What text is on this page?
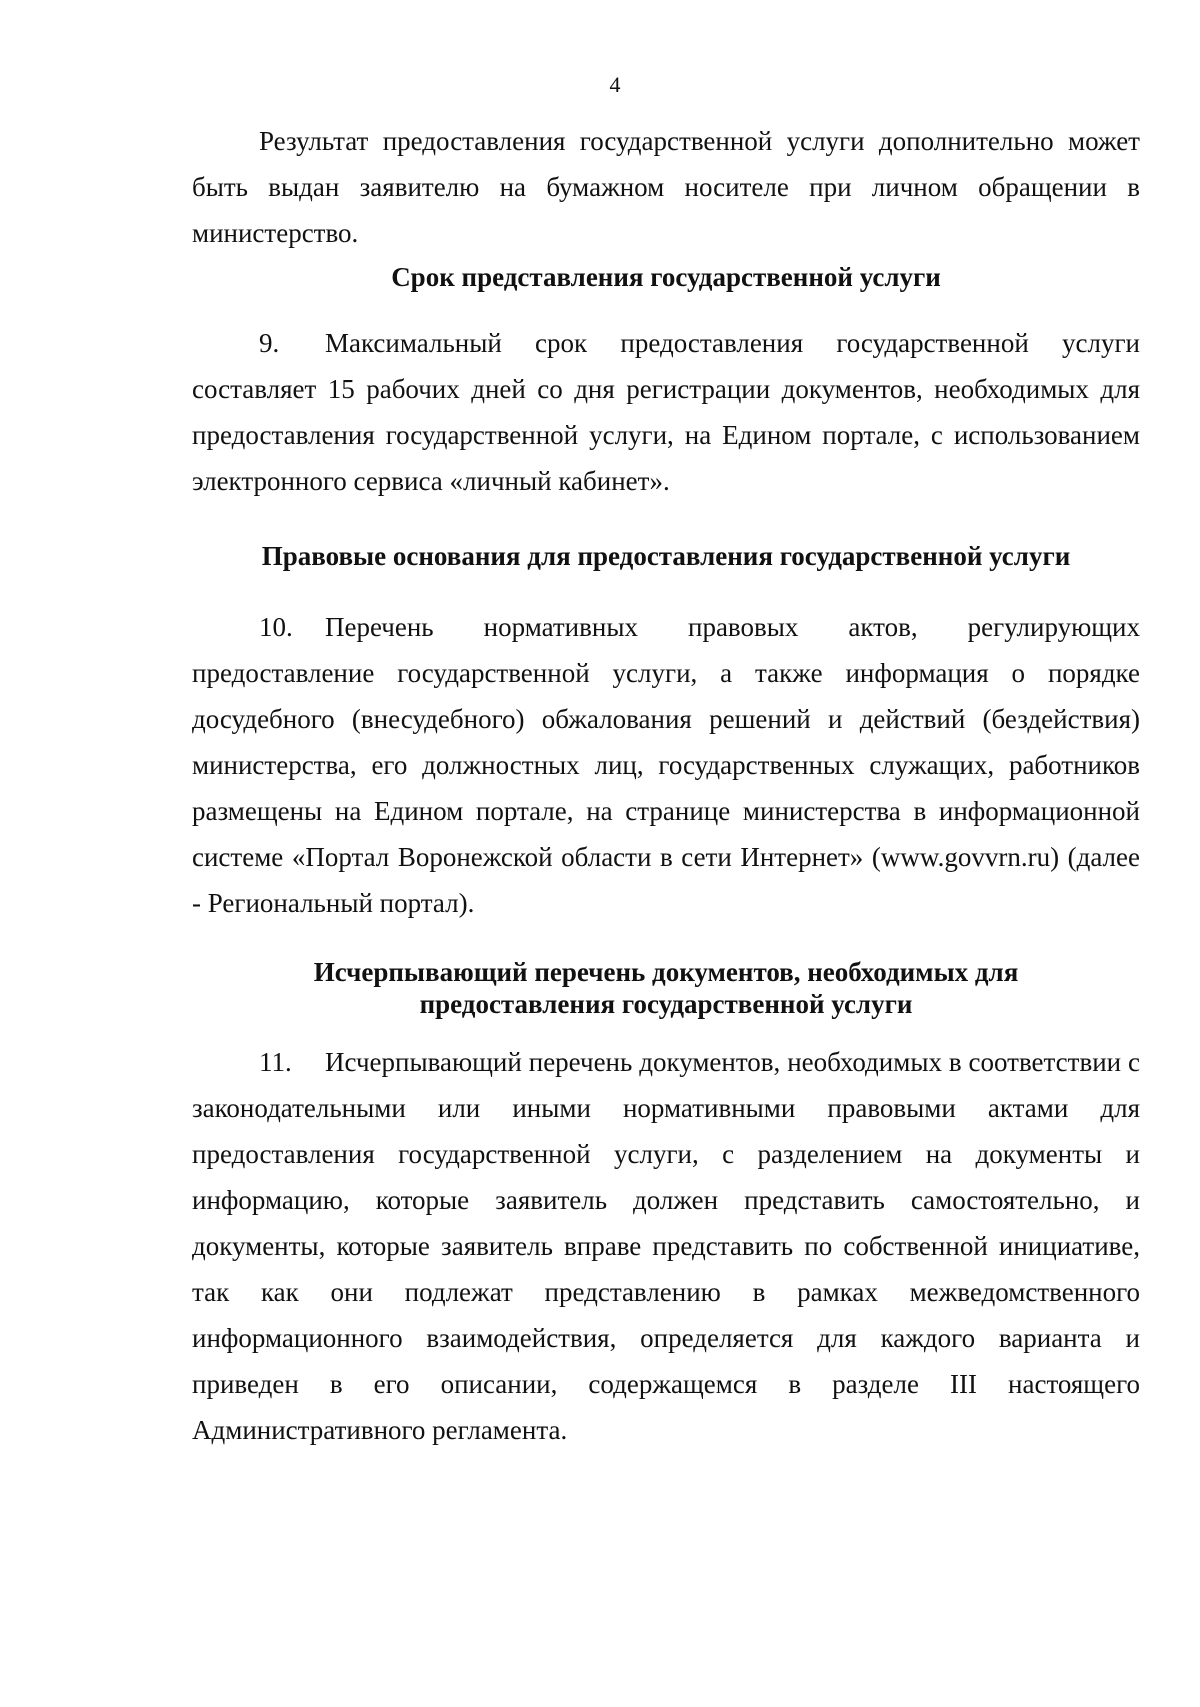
4

Результат предоставления государственной услуги дополнительно может быть выдан заявителю на бумажном носителе при личном обращении в министерство.

Срок представления государственной услуги

9. Максимальный срок предоставления государственной услуги составляет 15 рабочих дней со дня регистрации документов, необходимых для предоставления государственной услуги, на Едином портале, с использованием электронного сервиса «личный кабинет».

Правовые основания для предоставления государственной услуги

10. Перечень нормативных правовых актов, регулирующих предоставление государственной услуги, а также информация о порядке досудебного (внесудебного) обжалования решений и действий (бездействия) министерства, его должностных лиц, государственных служащих, работников размещены на Едином портале, на странице министерства в информационной системе «Портал Воронежской области в сети Интернет» (www.govvrn.ru) (далее - Региональный портал).

Исчерпывающий перечень документов, необходимых для

предоставления государственной услуги

11. Исчерпывающий перечень документов, необходимых в соответствии с законодательными или иными нормативными правовыми актами для предоставления государственной услуги, с разделением на документы и информацию, которые заявитель должен представить самостоятельно, и документы, которые заявитель вправе представить по собственной инициативе, так как они подлежат представлению в рамках межведомственного информационного взаимодействия, определяется для каждого варианта и приведен в его описании, содержащемся в разделе III настоящего Административного регламента.
